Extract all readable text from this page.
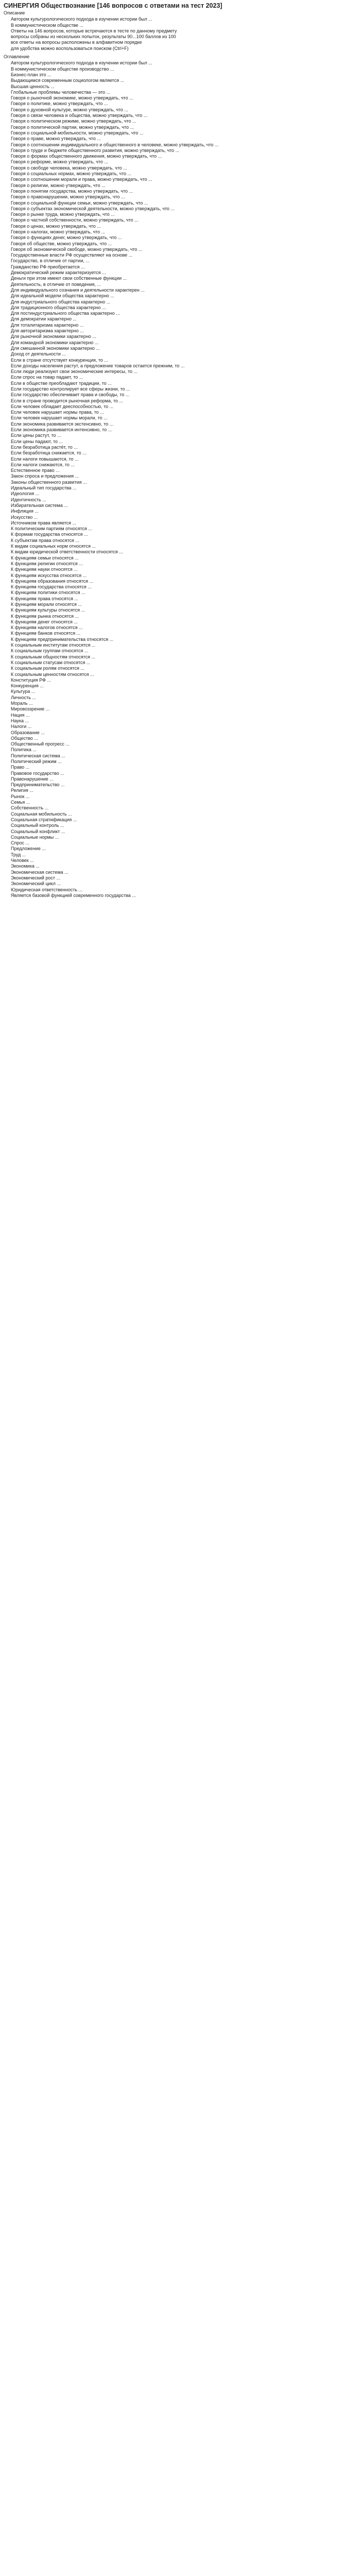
СИНЕРГИЯ Обществознание [146 вопросов с ответами на тест 2023]
Описание
▪ Автором культурологического подхода в изучении истории был ...
▪ В коммунистическом обществе ...
▪ Ответы на 146 вопросов, которые встречаются в тесте по данному предмету
▪ вопросы собраны из нескольких попыток, результаты 90...100 баллов из 100
▪ все ответы на вопросы расположены в алфавитном порядке
▪ для удобства можно воспользоваться поиском (Ctrl+F)
Оглавление
▪ Автором культурологического подхода в изучении истории был ...
▪ В коммунистическом обществе производство ...
▪ Бизнес-план это ...
▪ Выдающимся современным социологом является ...
▪ Высшая ценность ...
▪ Глобальные проблемы человечества — это ...
▪ Говоря о рыночной экономике, можно утверждать, что ...
▪ Говоря о политике, можно утверждать, что ...
▪ Говоря о духовной культуре, можно утверждать, что ...
▪ Говоря о связи человека и общества, можно утверждать, что ...
▪ Говоря о политическом режиме, можно утверждать, что ...
▪ Говоря о политической партии, можно утверждать, что ...
▪ Говоря о социальной мобильности, можно утверждать, что ...
▪ Говоря о праве, можно утверждать, что ...
▪ Говоря о соотношении индивидуального и общественного в человеке, можно утверждать, что ...
▪ Говоря о труде и бюджете общественного развития, можно утверждать, что ...
▪ Говоря о формах общественного движения, можно утверждать, что ...
▪ Говоря о реформе, можно утверждать, что ...
▪ Говоря о свободе человека, можно утверждать, что ...
▪ Говоря о социальных нормах, можно утверждать, что ...
▪ Говоря о соотношении морали и права, можно утверждать, что ...
▪ Говоря о религии, можно утверждать, что ...
▪ Говоря о понятии государства, можно утверждать, что ...
▪ Говоря о правонарушении, можно утверждать, что ...
▪ Говоря о социальной функции семьи, можно утверждать, что ...
▪ Говоря о субъектах экономической деятельности, можно утверждать, что ...
▪ Говоря о рынке труда, можно утверждать, что ...
▪ Говоря о частной собственности, можно утверждать, что ...
▪ Говоря о ценах, можно утверждать, что ...
▪ Говоря о налогах, можно утверждать, что ...
▪ Говоря о функциях денег, можно утверждать, что ...
▪ Говоря об обществе, можно утверждать, что ...
▪ Говоря об экономической свободе, можно утверждать, что ...
▪ Государственные власти РФ осуществляют на основе ...
▪ Государство, в отличие от партии, ...
▪ Гражданство РФ приобретается ...
▪ Демократический режим характеризуется ...
▪ Деньги при этом имеют свои собственные функции ...
▪ Деятельность, в отличие от поведения, ...
▪ Для индивидуального сознания и деятельности характерен ...
▪ Для идеальной модели общества характерно ...
▪ Для индустриального общества характерно ...
▪ Для традиционного общества характерно ...
▪ Для постиндустриального общества характерно ...
▪ Для демократии характерно ...
▪ Для тоталитаризма характерно ...
▪ Для авторитаризма характерно ...
▪ Для рыночной экономики характерно ...
▪ Для командной экономики характерно ...
▪ Для смешанной экономики характерно ...
▪ Доход от деятельности ...
▪ Если в стране отсутствует конкуренция, то ...
▪ Если доходы населения растут, а предложение товаров остается прежним, то ...
▪ Если люди реализуют свои экономические интересы, то ...
▪ Если спрос на товар падает, то ...
▪ Если в обществе преобладают традиции, то ...
▪ Если государство контролирует все сферы жизни, то ...
▪ Если государство обеспечивает права и свободы, то ...
▪ Если в стране проводится рыночная реформа, то ...
▪ Если человек обладает дееспособностью, то ...
▪ Если человек нарушает нормы права, то ...
▪ Если человек нарушает нормы морали, то ...
▪ Если экономика развивается экстенсивно, то ...
▪ Если экономика развивается интенсивно, то ...
▪ Если цены растут, то ...
▪ Если цены падают, то ...
▪ Если безработица растёт, то ...
▪ Если безработица снижается, то ...
▪ Если налоги повышаются, то ...
▪ Если налоги снижаются, то ...
▪ Естественное право ...
▪ Закон спроса и предложения ...
▪ Законы общественного развития ...
▪ Идеальный тип государства ...
▪ Идеология ...
▪ Идентичность ...
▪ Избирательная система ...
▪ Инфляция ...
▪ Искусство ...
▪ Источником права является ...
▪ К политическим партиям относятся ...
▪ К формам государства относятся ...
▪ К субъектам права относятся ...
▪ К видам социальных норм относятся ...
▪ К видам юридической ответственности относятся ...
▪ К функциям семьи относятся ...
▪ К функциям религии относятся ...
▪ К функциям науки относятся ...
▪ К функциям искусства относятся ...
▪ К функциям образования относятся ...
▪ К функциям государства относятся ...
▪ К функциям политики относятся ...
▪ К функциям права относятся ...
▪ К функциям морали относятся ...
▪ К функциям культуры относятся ...
▪ К функциям рынка относятся ...
▪ К функциям денег относятся ...
▪ К функциям налогов относятся ...
▪ К функциям банков относятся ...
▪ К функциям предпринимательства относятся ...
▪ К социальным институтам относятся ...
▪ К социальным группам относятся ...
▪ К социальным общностям относятся ...
▪ К социальным статусам относятся ...
▪ К социальным ролям относятся ...
▪ К социальным ценностям относятся ...
▪ Конституция РФ ...
▪ Конкуренция ...
▪ Культура ...
▪ Личность ...
▪ Мораль ...
▪ Мировоззрение ...
▪ Нация ...
▪ Наука ...
▪ Налоги ...
▪ Образование ...
▪ Общество ...
▪ Общественный прогресс ...
▪ Политика ...
▪ Политическая система ...
▪ Политический режим ...
▪ Право ...
▪ Правовое государство ...
▪ Правонарушение ...
▪ Предпринимательство ...
▪ Религия ...
▪ Рынок ...
▪ Семья ...
▪ Собственность ...
▪ Социальная мобильность ...
▪ Социальная стратификация ...
▪ Социальный контроль ...
▪ Социальный конфликт ...
▪ Социальные нормы ...
▪ Спрос ...
▪ Предложение ...
▪ Труд ...
▪ Человек ...
▪ Экономика ...
▪ Экономическая система ...
▪ Экономический рост ...
▪ Экономический цикл ...
▪ Юридическая ответственность ...
▪ Является базовой функцией современного государства ...
